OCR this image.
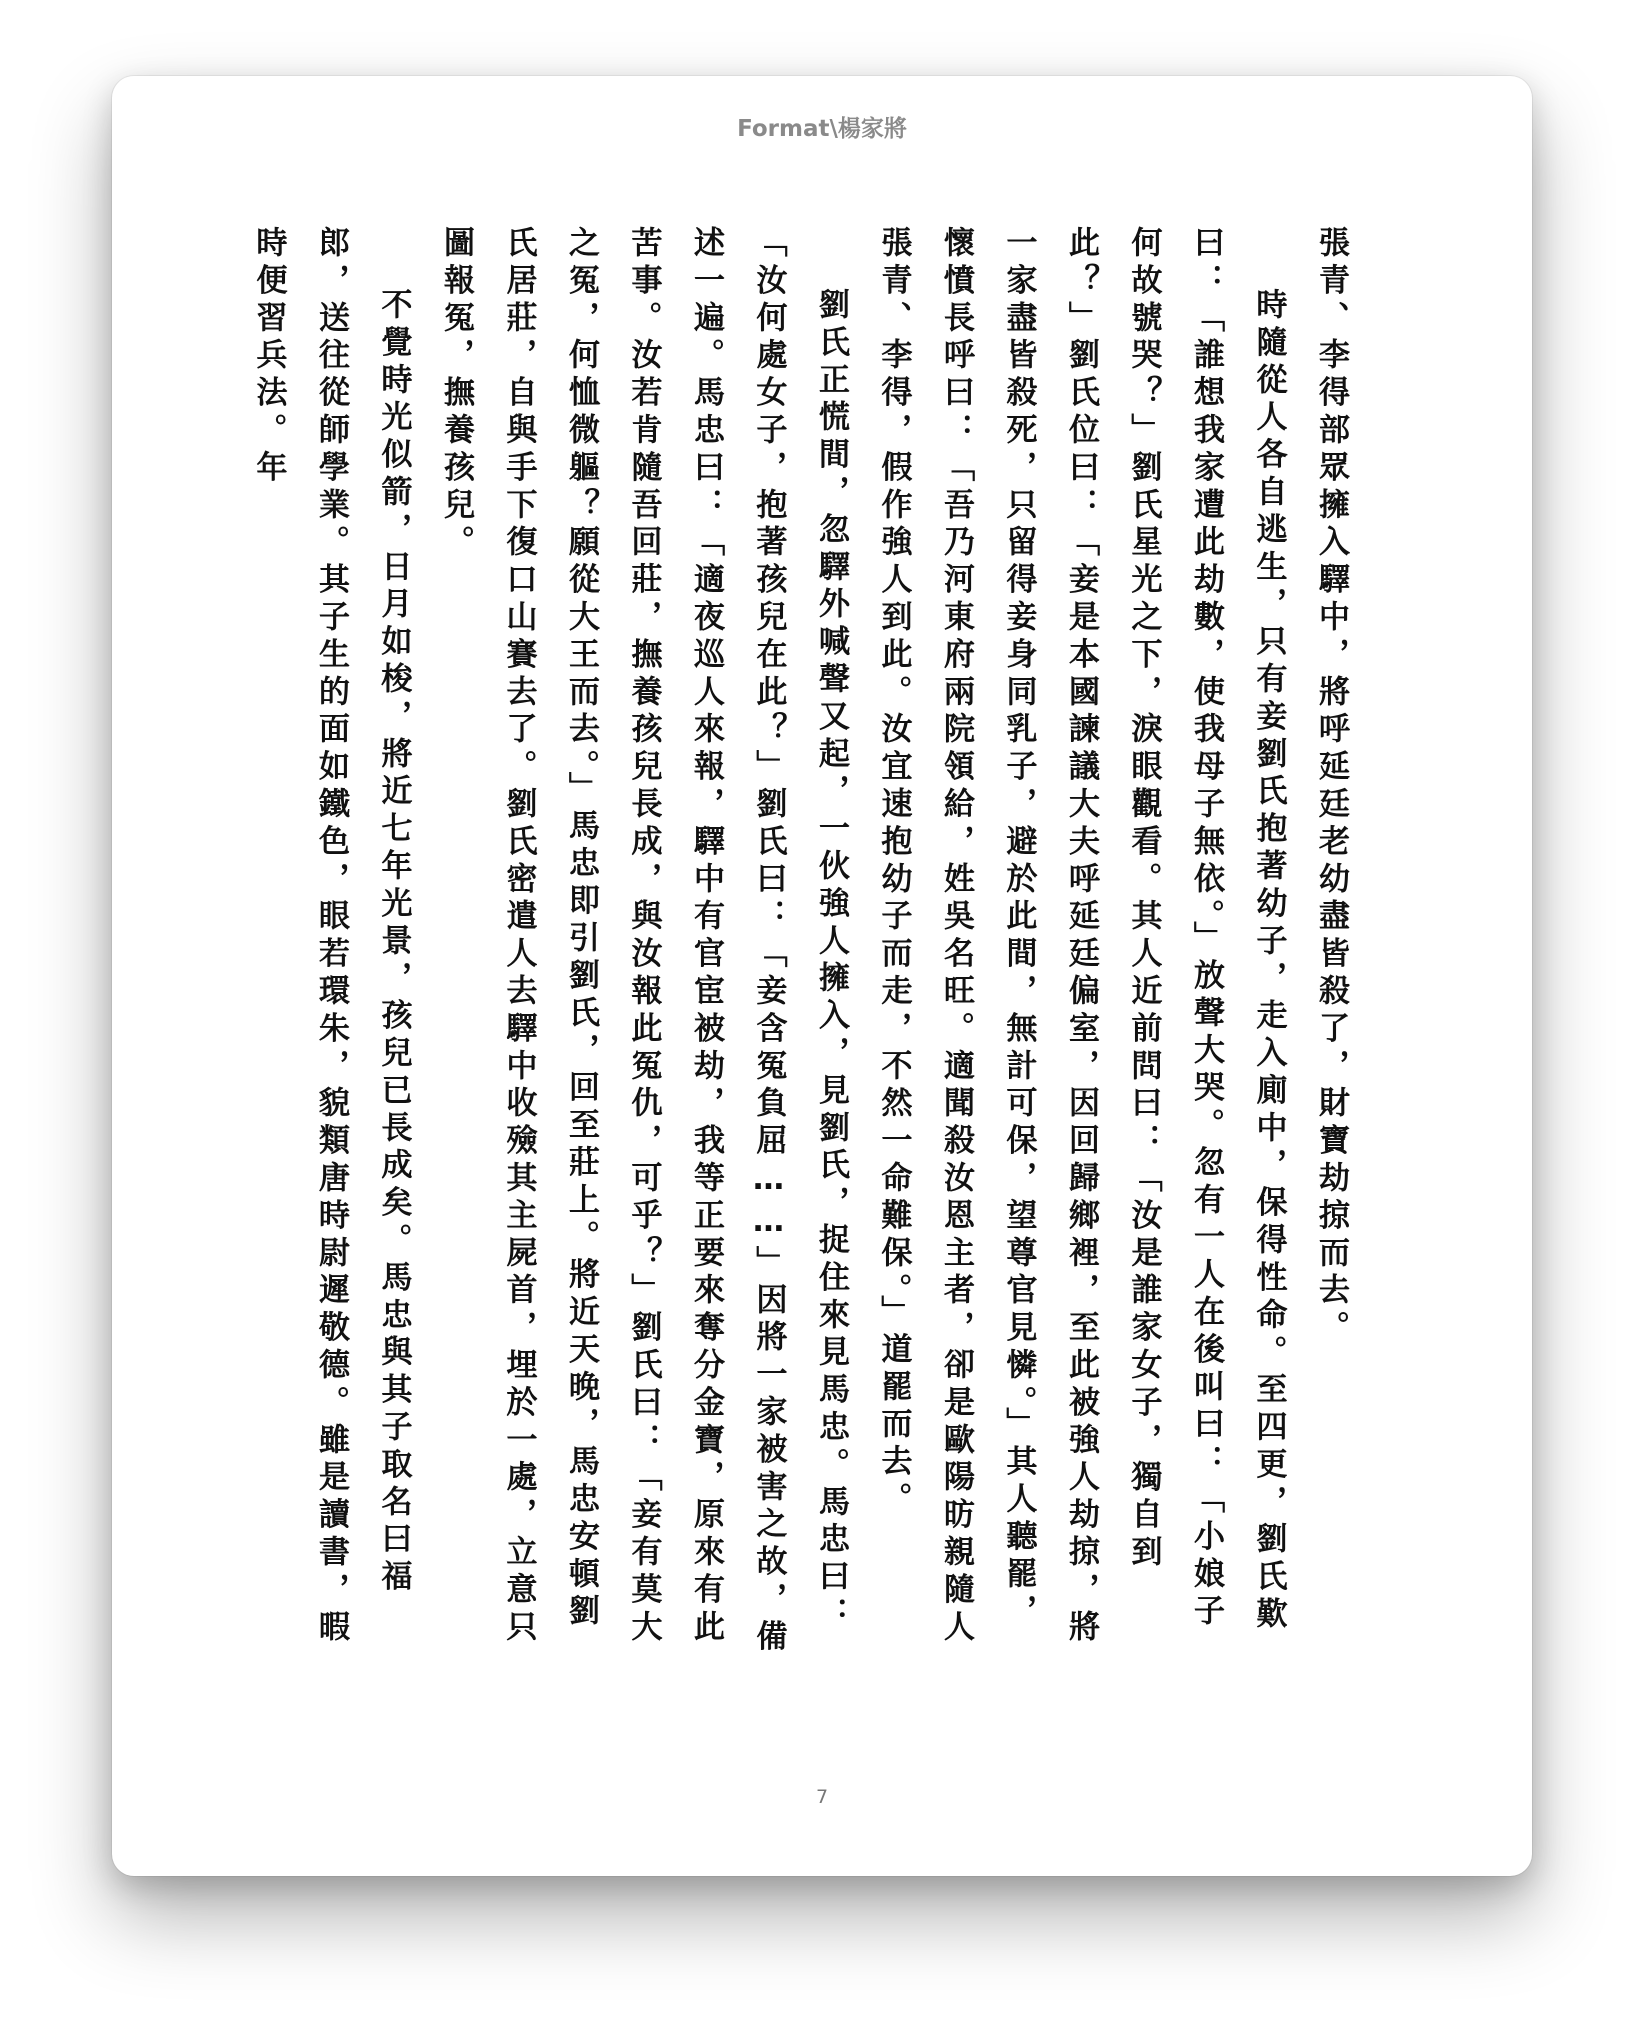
Format\楊家將

張青、李得部眾擁入驛中，將呼延廷老幼盡皆殺了，財寶劫掠而去。

時隨從人各自逃生，只有妾劉氏抱著幼子，走入廁中，保得性命。至四更，劉氏歎曰：「誰想我家遭此劫數，使我母子無依。」放聲大哭。忽有一人在後叫曰：「小娘子何故號哭？」劉氏星光之下，淚眼觀看。其人近前問曰：「汝是誰家女子，獨自到此？」劉氏位曰：「妾是本國諫議大夫呼延廷偏室，因回歸鄉裡，至此被強人劫掠，將一家盡皆殺死，只留得妾身同乳子，避於此間，無計可保，望尊官見憐。」其人聽罷，懷憤長呼曰：「吾乃河東府兩院領給，姓吳名旺。適聞殺汝恩主者，卻是歐陽昉親隨人張青、李得，假作強人到此。汝宜速抱幼子而走，不然一命難保。」道罷而去。

劉氏正慌間，忽驛外喊聲又起，一伙強人擁入，見劉氏，捉住來見馬忠。馬忠曰：「汝何處女子，抱著孩兒在此？」劉氏曰：「妾含冤負屈……」因將一家被害之故，備述一遍。馬忠曰：「適夜巡人來報，驛中有官宦被劫，我等正要來奪分金寶，原來有此苦事。汝若肯隨吾回莊，撫養孩兒長成，與汝報此冤仇，可乎？」劉氏曰：「妾有莫大之冤，何恤微軀？願從大王而去。」馬忠即引劉氏，回至莊上。將近天晚，馬忠安頓劉氏居莊，自與手下復口山賽去了。劉氏密遣人去驛中收殮其主屍首，埋於一處，立意只圖報冤，撫養孩兒。

不覺時光似箭，日月如梭，將近七年光景，孩兒已長成矣。馬忠與其子取名曰福郎，送往從師學業。其子生的面如鐵色，眼若環朱，貌類唐時尉遲敬德。雖是讀書，暇時便習兵法。年

7
